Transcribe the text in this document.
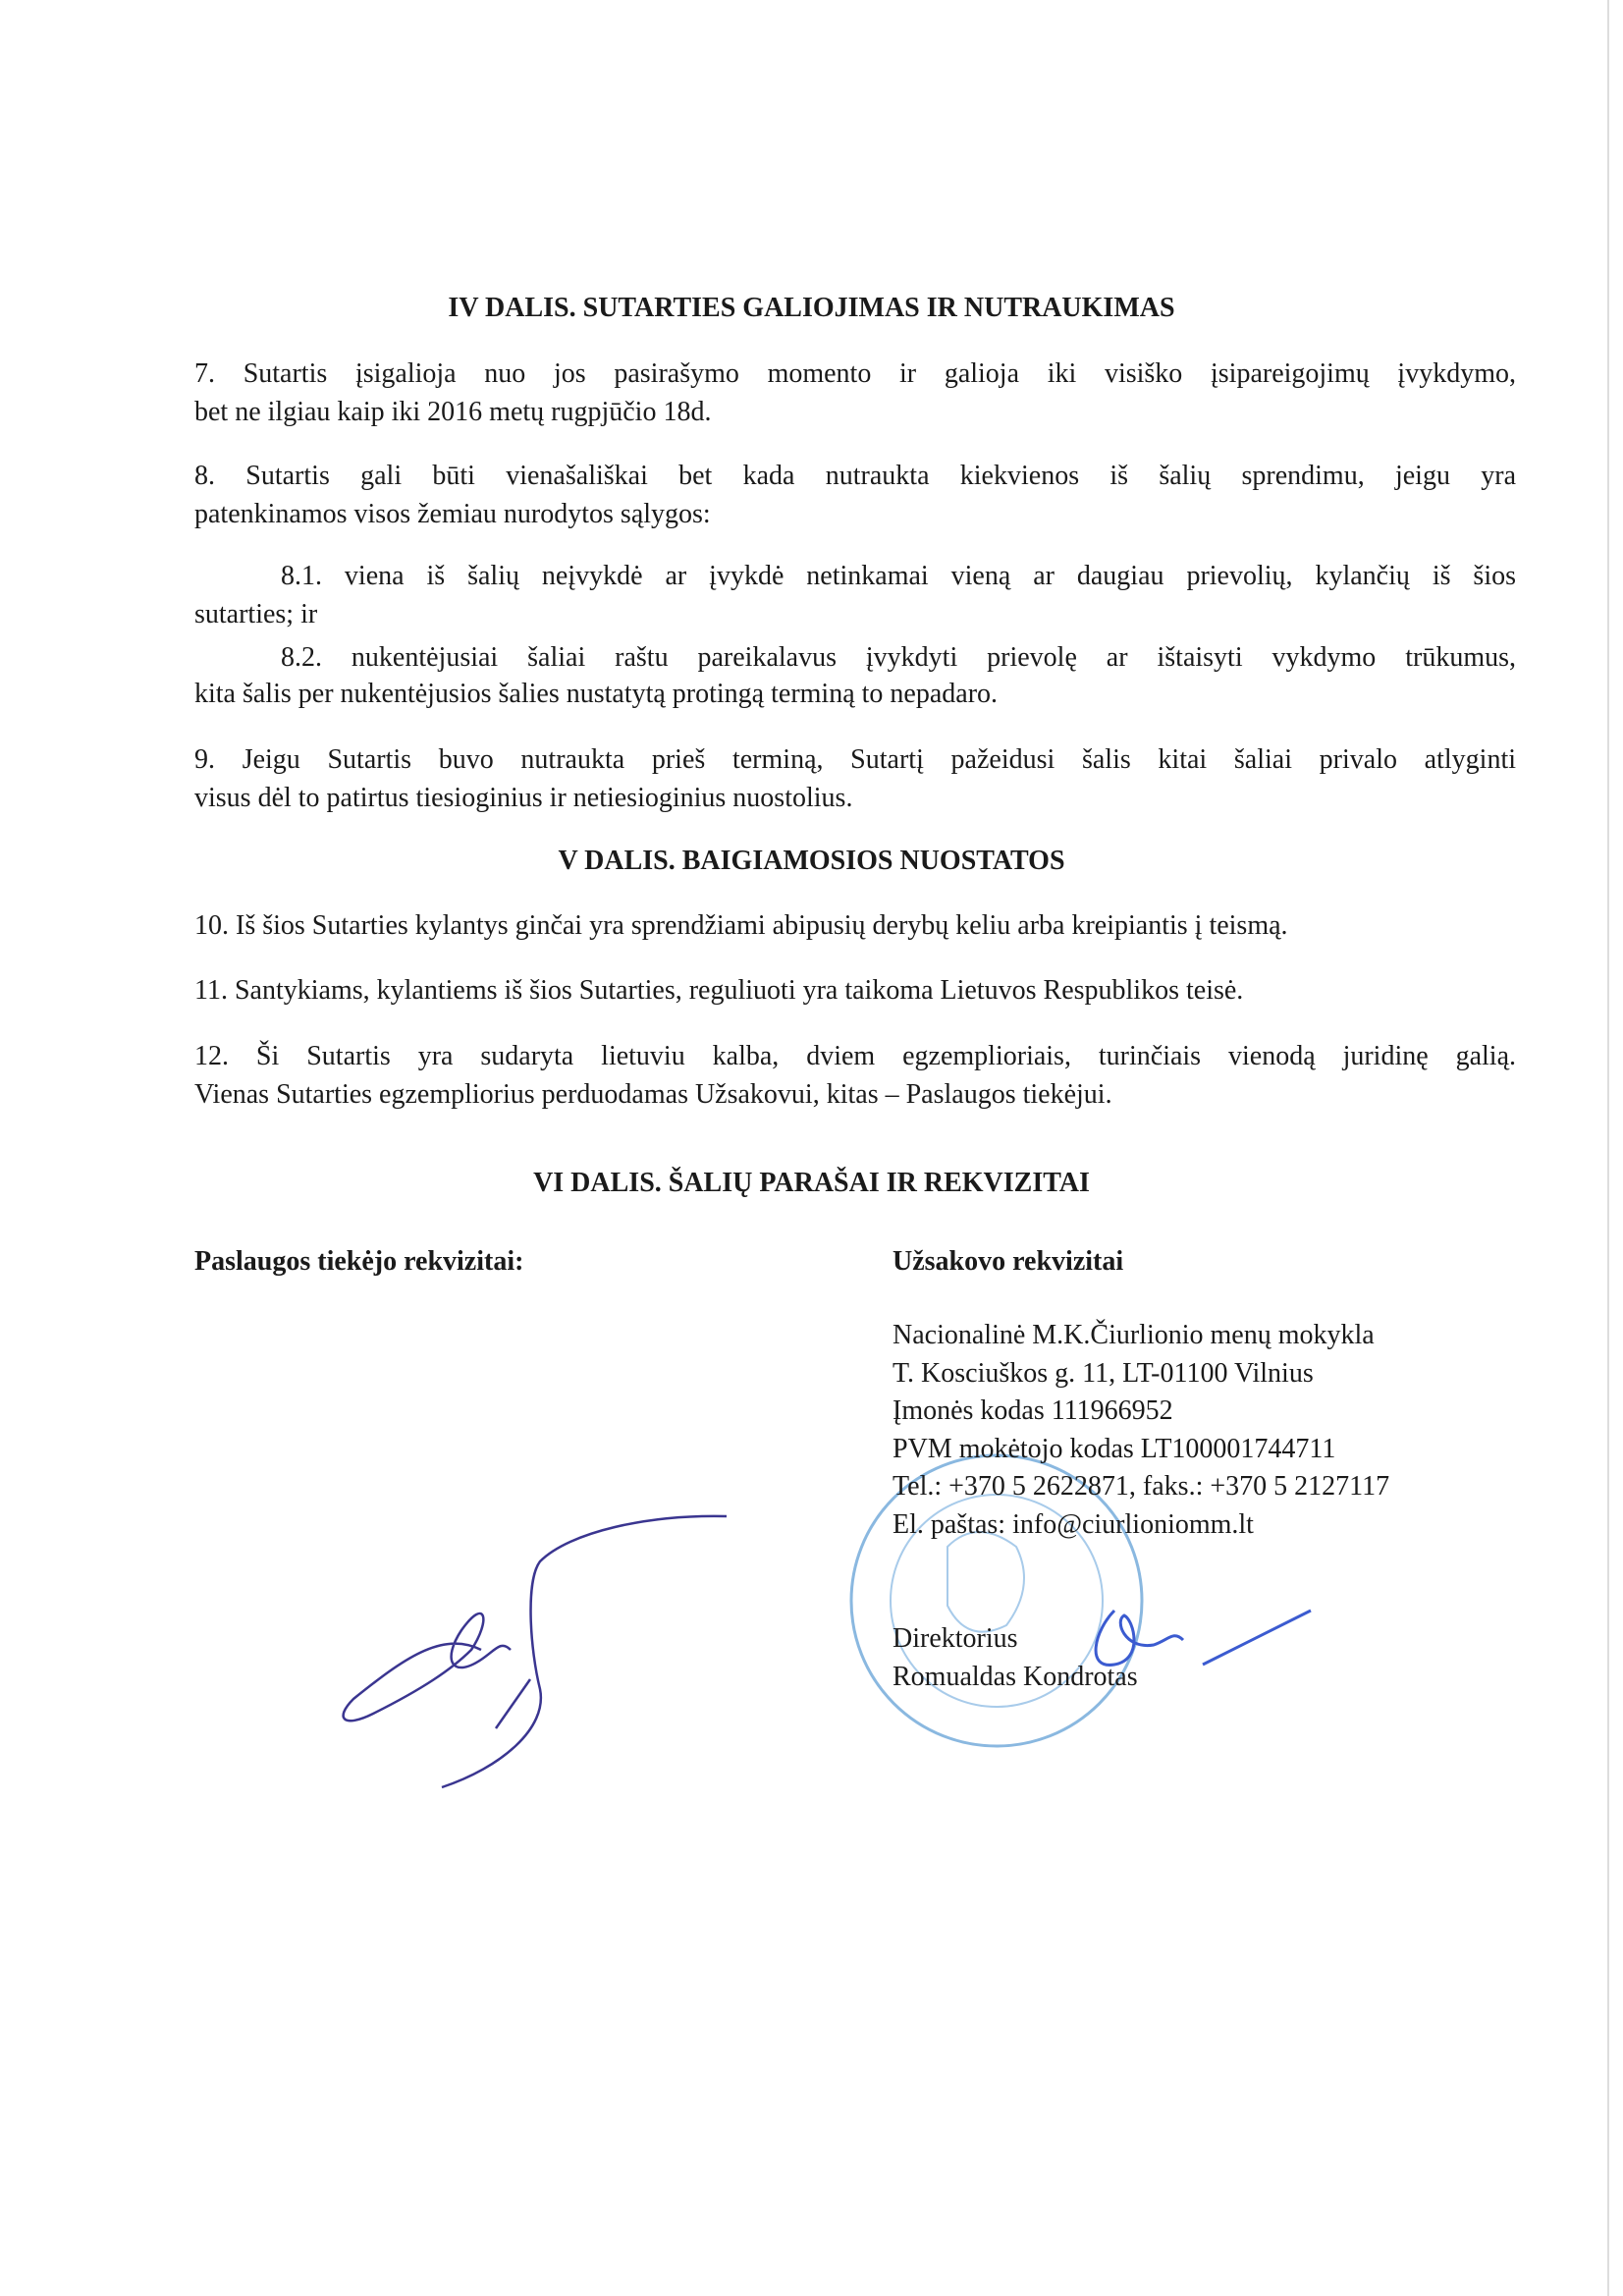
IV DALIS. SUTARTIES GALIOJIMAS IR NUTRAUKIMAS
7. Sutartis įsigalioja nuo jos pasirašymo momento ir galioja iki visiško įsipareigojimų įvykdymo,
bet ne ilgiau kaip iki 2016 metų rugpjūčio 18d.
8. Sutartis gali būti vienašališkai bet kada nutraukta kiekvienos iš šalių sprendimu, jeigu yra
patenkinamos visos žemiau nurodytos sąlygos:
8.1. viena iš šalių neįvykdė ar įvykdė netinkamai vieną ar daugiau prievolių, kylančių iš šios
sutarties; ir
8.2. nukentėjusiai šaliai raštu pareikalavus įvykdyti prievolę ar ištaisyti vykdymo trūkumus,
kita šalis per nukentėjusios šalies nustatytą protingą terminą to nepadaro.
9. Jeigu Sutartis buvo nutraukta prieš terminą, Sutartį pažeidusi šalis kitai šaliai privalo atlyginti
visus dėl to patirtus tiesioginius ir netiesioginius nuostolius.
V DALIS. BAIGIAMOSIOS NUOSTATOS
10. Iš šios Sutarties kylantys ginčai yra sprendžiami abipusių derybų keliu arba kreipiantis į teismą.
11. Santykiams, kylantiems iš šios Sutarties, reguliuoti yra taikoma Lietuvos Respublikos teisė.
12. Ši Sutartis yra sudaryta lietuviu kalba, dviem egzemplioriais, turinčiais vienodą juridinę galią.
Vienas Sutarties egzempliorius perduodamas Užsakovui, kitas – Paslaugos tiekėjui.
VI DALIS. ŠALIŲ PARAŠAI IR REKVIZITAI
Paslaugos tiekėjo rekvizitai:	Užsakovo rekvizitai
Nacionalinė M.K.Čiurlionio menų mokykla
T. Kosciuškos g. 11, LT-01100 Vilnius
Įmonės kodas 111966952
PVM mokėtojo kodas LT100001744711
Tel.: +370 5 2622871, faks.: +370 5 2127117
El. paštas: info@ciurlioniomm.lt
Direktorius
Romualdas Kondrotas
